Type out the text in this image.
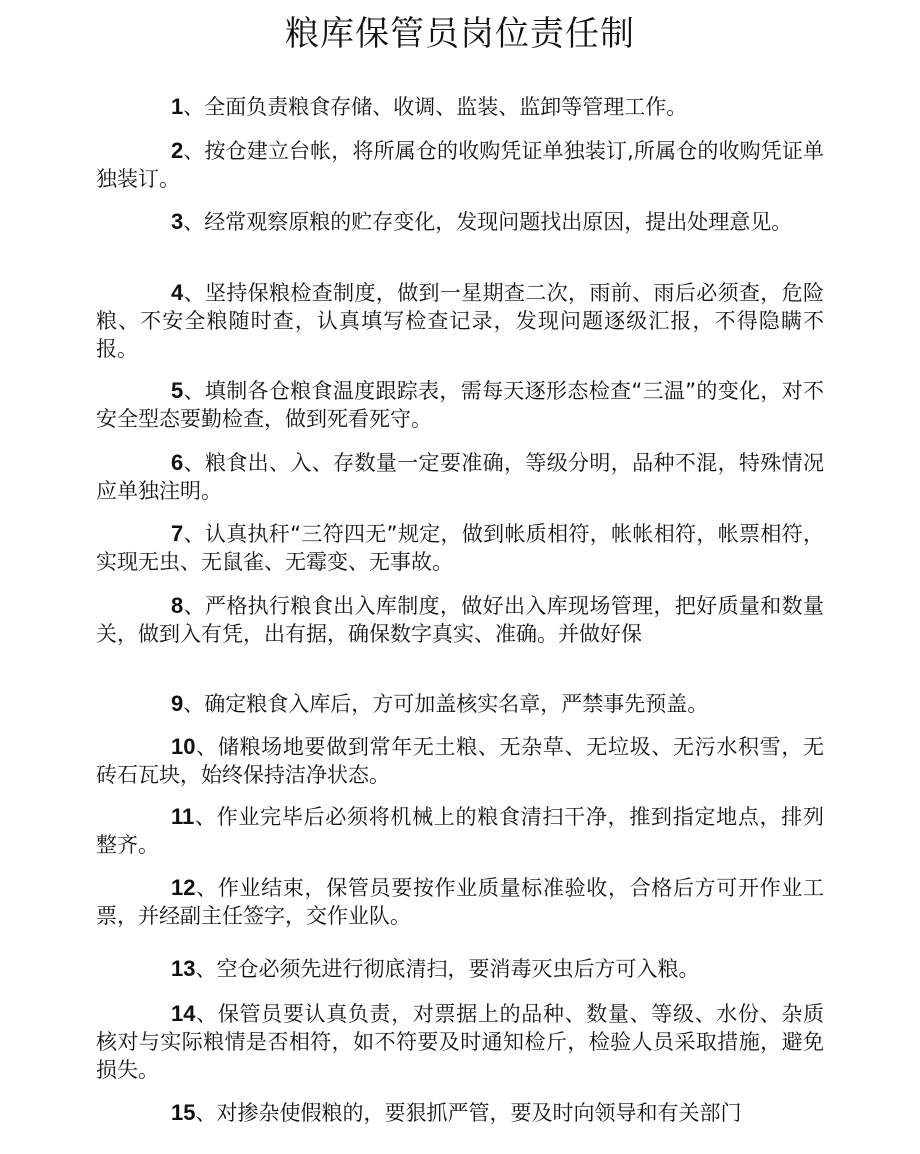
粮库保管员岗位责任制

1、全面负责粮食存储、收调、监装、监卸等管理工作。

2、按仓建立台帐，将所属仓的收购凭证单独装订,所属仓的收购凭证单独装订。

3、经常观察原粮的贮存变化，发现问题找出原因，提出处理意见。

4、坚持保粮检查制度，做到一星期查二次，雨前、雨后必须查，危险粮、不安全粮随时查，认真填写检查记录，发现问题逐级汇报，不得隐瞒不报。

5、填制各仓粮食温度跟踪表，需每天逐形态检查“三温”的变化，对不安全型态要勤检查，做到死看死守。

6、粮食出、入、存数量一定要准确，等级分明，品种不混，特殊情况应单独注明。

7、认真执秆“三符四无”规定，做到帐质相符，帐帐相符，帐票相符，实现无虫、无鼠雀、无霉变、无事故。

8、严格执行粮食出入库制度，做好出入库现场管理，把好质量和数量关，做到入有凭，出有据，确保数字真实、准确。并做好保

9、确定粮食入库后，方可加盖核实名章，严禁事先预盖。

10、储粮场地要做到常年无土粮、无杂草、无垃圾、无污水积雪，无砖石瓦块，始终保持洁净状态。

11、作业完毕后必须将机械上的粮食清扫干净，推到指定地点，排列整齐。

12、作业结束，保管员要按作业质量标准验收，合格后方可开作业工票，并经副主任签字，交作业队。

13、空仓必须先进行彻底清扫，要消毒灭虫后方可入粮。

14、保管员要认真负责，对票据上的品种、数量、等级、水份、杂质核对与实际粮情是否相符，如不符要及时通知检斤，检验人员采取措施，避免损失。

15、对掺杂使假粮的，要狠抓严管，要及时向领导和有关部门
